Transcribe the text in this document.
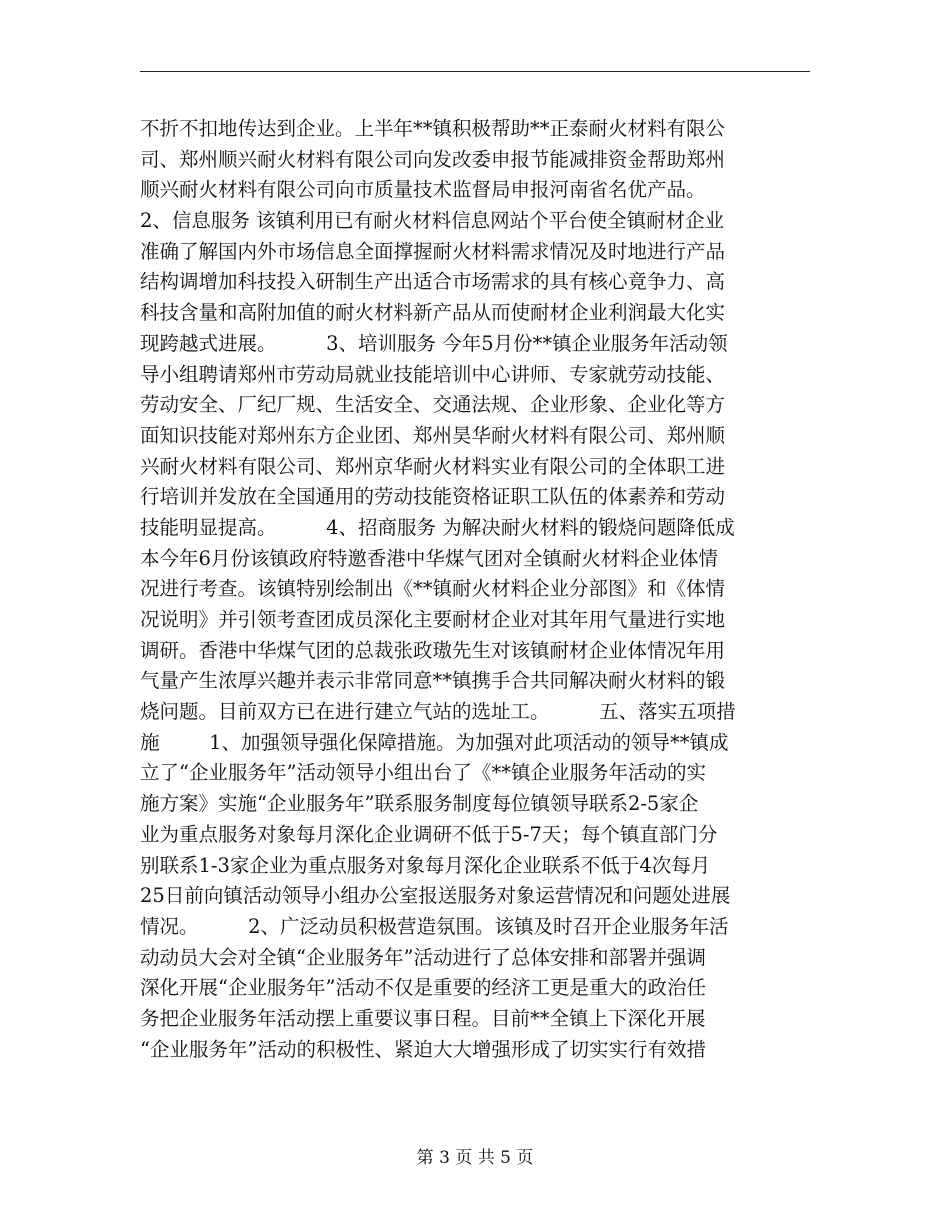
不折不扣地传达到企业。上半年**镇积极帮助**正泰耐火材料有限公
司、郑州顺兴耐火材料有限公司向发改委申报节能减排资金帮助郑州
顺兴耐火材料有限公司向市质量技术监督局申报河南省名优产品。
2、信息服务 该镇利用已有耐火材料信息网站个平台使全镇耐材企业
准确了解国内外市场信息全面撑握耐火材料需求情况及时地进行产品
结构调增加科技投入研制生产出适合市场需求的具有核心竟争力、高
科技含量和高附加值的耐火材料新产品从而使耐材企业利润最大化实
现跨越式进展。        3、培训服务 今年5月份**镇企业服务年活动领
导小组聘请郑州市劳动局就业技能培训中心讲师、专家就劳动技能、
劳动安全、厂纪厂规、生活安全、交通法规、企业形象、企业化等方
面知识技能对郑州东方企业团、郑州昊华耐火材料有限公司、郑州顺
兴耐火材料有限公司、郑州京华耐火材料实业有限公司的全体职工进
行培训并发放在全国通用的劳动技能资格证职工队伍的体素养和劳动
技能明显提高。        4、招商服务 为解决耐火材料的锻烧问题降低成
本今年6月份该镇政府特邀香港中华煤气团对全镇耐火材料企业体情
况进行考查。该镇特别绘制出《**镇耐火材料企业分部图》和《体情
况说明》并引领考查团成员深化主要耐材企业对其年用气量进行实地
调研。香港中华煤气团的总裁张政璈先生对该镇耐材企业体情况年用
气量产生浓厚兴趣并表示非常同意**镇携手合共同解决耐火材料的锻
烧问题。目前双方已在进行建立气站的选址工。        五、落实五项措
施        1、加强领导强化保障措施。为加强对此项活动的领导**镇成
立了“企业服务年”活动领导小组出台了《**镇企业服务年活动的实
施方案》实施“企业服务年”联系服务制度每位镇领导联系2-5家企
业为重点服务对象每月深化企业调研不低于5-7天；每个镇直部门分
别联系1-3家企业为重点服务对象每月深化企业联系不低于4次每月
25日前向镇活动领导小组办公室报送服务对象运营情况和问题处进展
情况。        2、广泛动员积极营造氛围。该镇及时召开企业服务年活
动动员大会对全镇“企业服务年”活动进行了总体安排和部署并强调
深化开展“企业服务年”活动不仅是重要的经济工更是重大的政治任
务把企业服务年活动摆上重要议事日程。目前**全镇上下深化开展
“企业服务年”活动的积极性、紧迫大大增强形成了切实实行有效措
第 3 页 共 5 页
